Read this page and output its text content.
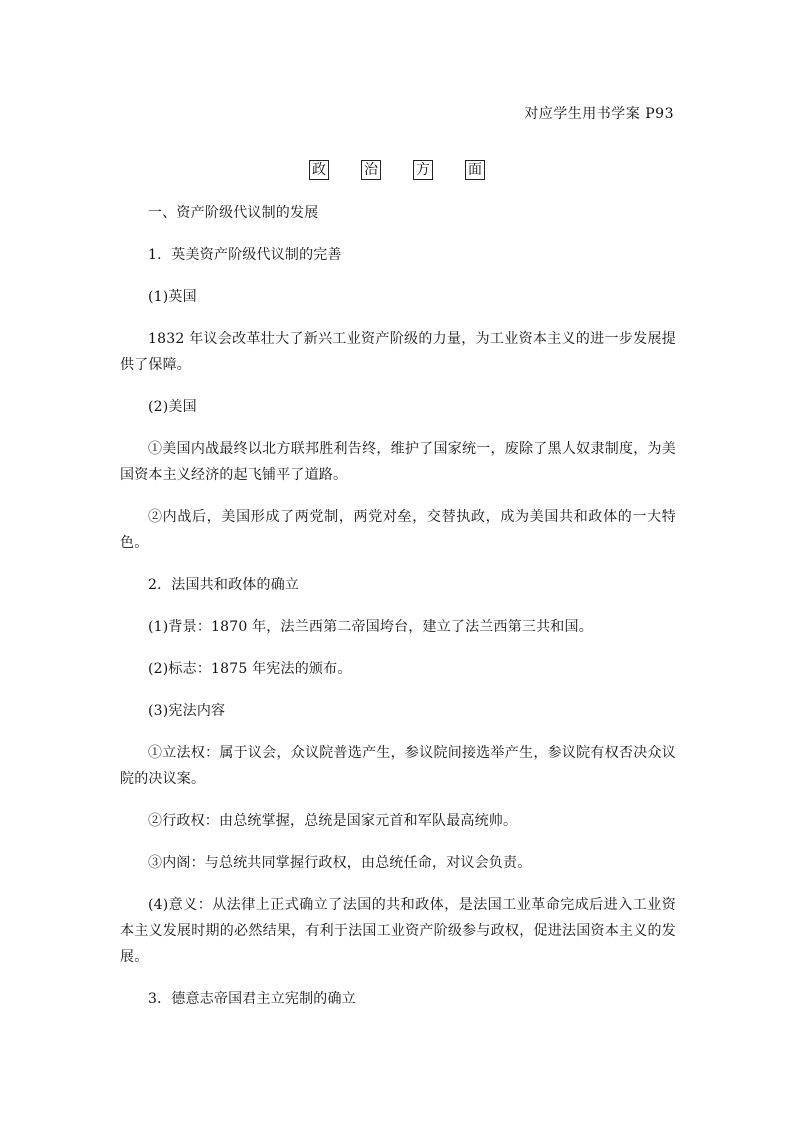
对应学生用书学案 P93
政	治	方	面

一、资产阶级代议制的发展

1．英美资产阶级代议制的完善

(1)英国

1832 年议会改革壮大了新兴工业资产阶级的力量，为工业资本主义的进一步发展提供了保障。

(2)美国

①美国内战最终以北方联邦胜利告终，维护了国家统一，废除了黑人奴隶制度，为美国资本主义经济的起飞铺平了道路。

②内战后，美国形成了两党制，两党对垒，交替执政，成为美国共和政体的一大特色。

2．法国共和政体的确立

(1)背景：1870 年，法兰西第二帝国垮台，建立了法兰西第三共和国。

(2)标志：1875 年宪法的颁布。

(3)宪法内容

①立法权：属于议会，众议院普选产生，参议院间接选举产生，参议院有权否决众议院的决议案。

②行政权：由总统掌握，总统是国家元首和军队最高统帅。

③内阁：与总统共同掌握行政权，由总统任命，对议会负责。

(4)意义：从法律上正式确立了法国的共和政体，是法国工业革命完成后进入工业资本主义发展时期的必然结果，有利于法国工业资产阶级参与政权，促进法国资本主义的发展。

3．德意志帝国君主立宪制的确立
